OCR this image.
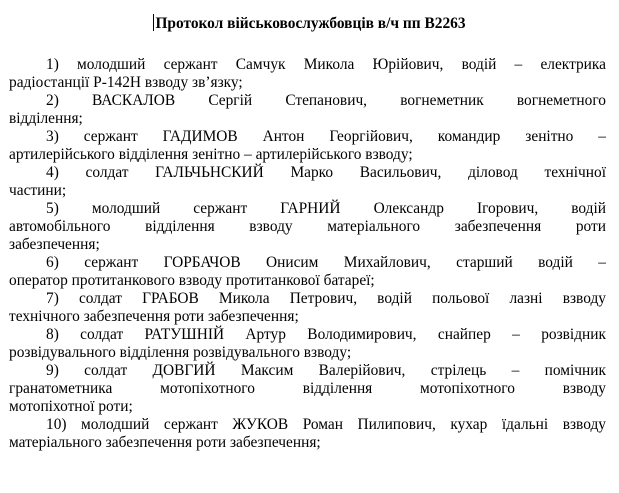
Протокол військовослужбовців в/ч пп В2263
1) молодший сержант Самчук Микола Юрійович, водій – електрика
радіостанції Р-142Н взводу зв’язку;
2) ВАСКАЛОВ Сергій Степанович, вогнеметник вогнеметного
відділення;
3) сержант ГАДИМОВ Антон Георгійович, командир зенітно –
артилерійського відділення зенітно – артилерійського взводу;
4) солдат ГАЛЬЧЬНСКИЙ Марко Васильович, діловод технічної
частини;
5) молодший сержант ГАРНИЙ Олександр Ігорович, водій
автомобільного відділення взводу матеріального забезпечення роти
забезпечення;
6) сержант ГОРБАЧОВ Онисим Михайлович, старший водій –
оператор протитанкового взводу протитанкової батареї;
7) солдат ГРАБОВ Микола Петрович, водій польової лазні взводу
технічного забезпечення роти забезпечення;
8) солдат РАТУШНІЙ Артур Володимирович, снайпер – розвідник
розвідувального відділення розвідувального взводу;
9) солдат ДОВГИЙ Максим Валерійович, стрілець – помічник
гранатометника мотопіхотного відділення мотопіхотного взводу
мотопіхотної роти;
10) молодший сержант ЖУКОВ Роман Пилипович, кухар їдальні взводу
матеріального забезпечення роти забезпечення;
